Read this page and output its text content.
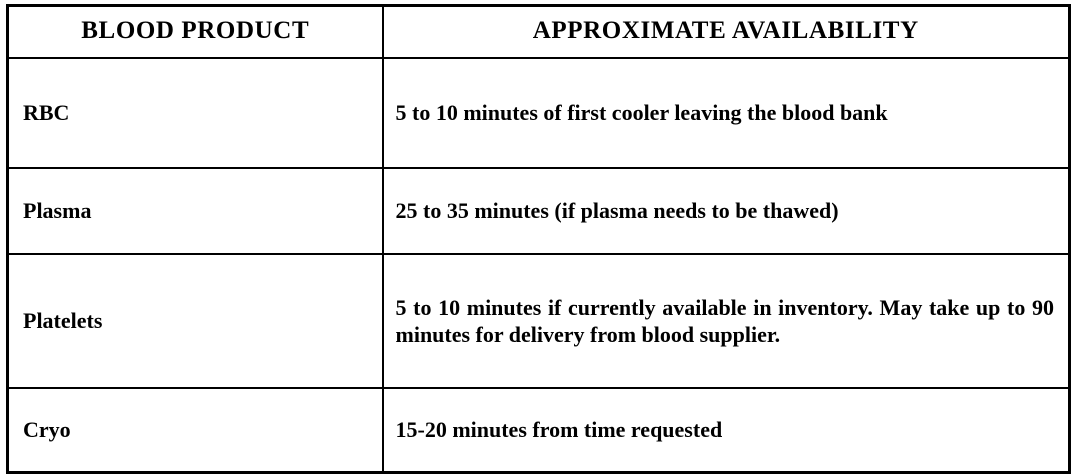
BLOOD PRODUCT	APPROXIMATE AVAILABILITY
RBC	5 to 10 minutes of first cooler leaving the blood bank
Plasma	25 to 35 minutes (if plasma needs to be thawed)
Platelets	5 to 10 minutes if currently available in inventory. May take up to 90 minutes for delivery from blood supplier.
Cryo	15-20 minutes from time requested
